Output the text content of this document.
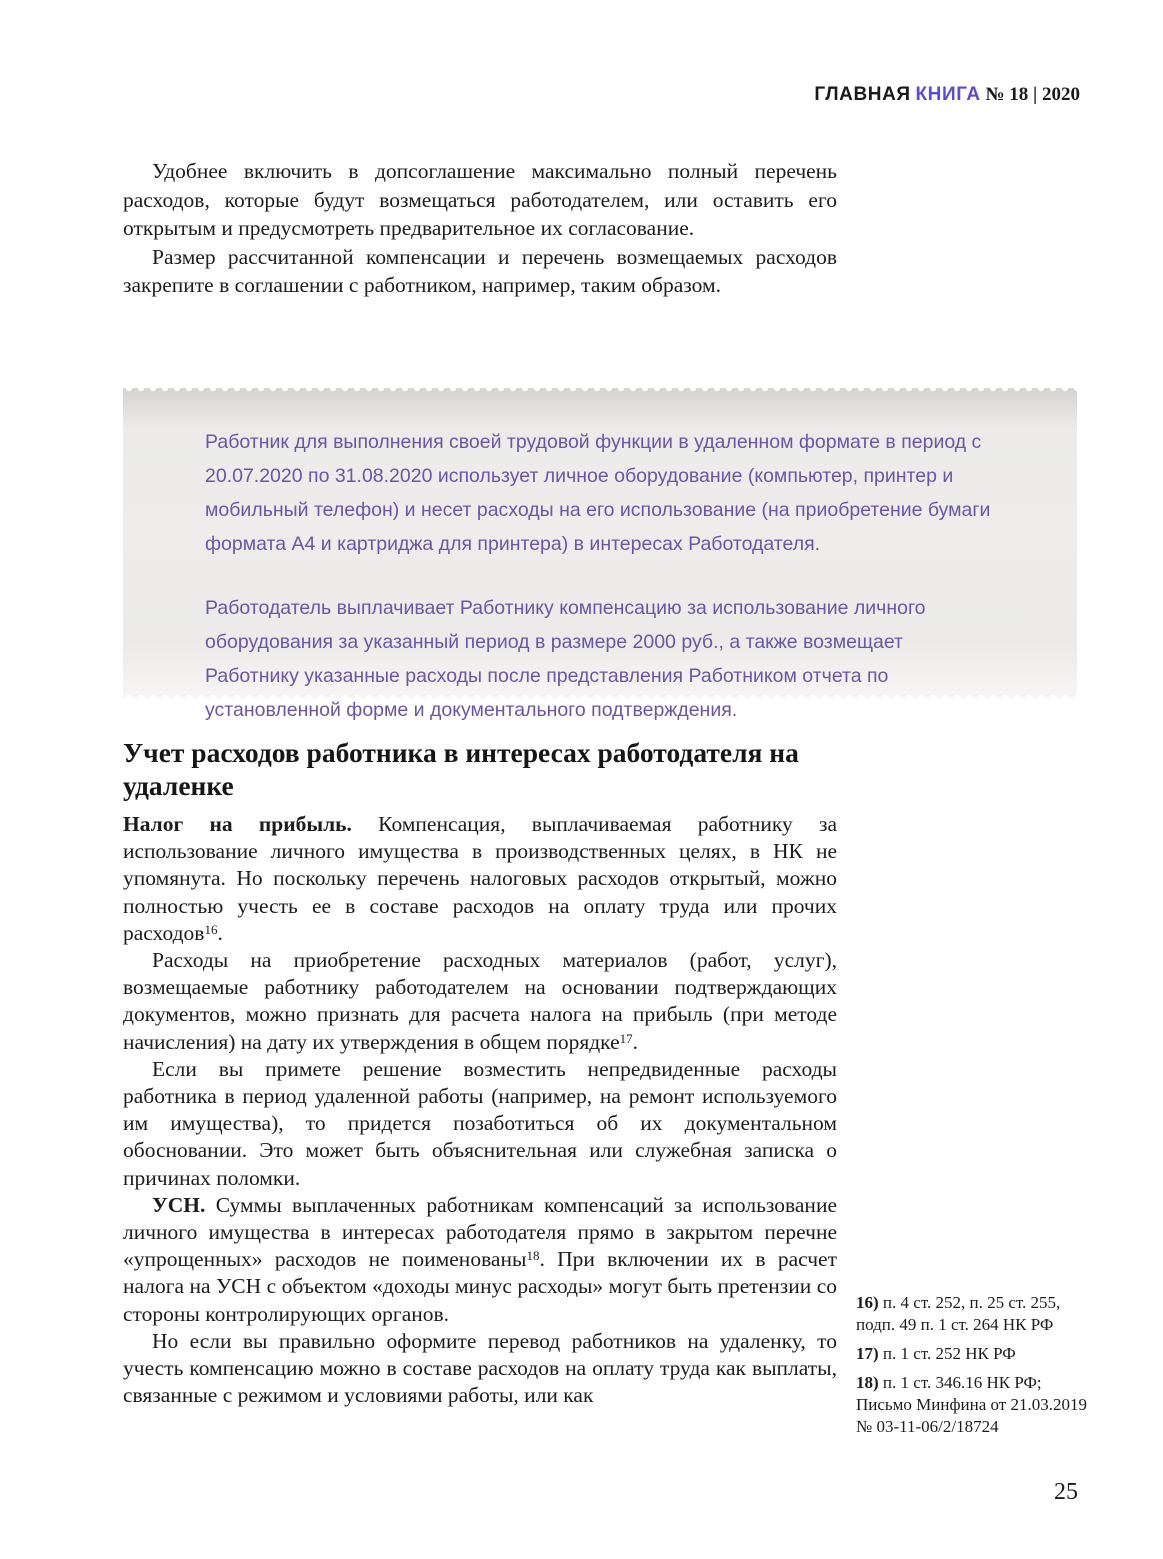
ГЛАВНАЯ КНИГА № 18 | 2020

Удобнее включить в допсоглашение максимально полный перечень расходов, которые будут возмещаться работодателем, или оставить его открытым и предусмотреть предварительное их согласование.

Размер рассчитанной компенсации и перечень возмещаемых расходов закрепите в соглашении с работником, например, таким образом.

Работник для выполнения своей трудовой функции в удаленном формате в период с 20.07.2020 по 31.08.2020 использует личное оборудование (компьютер, принтер и мобильный телефон) и несет расходы на его использование (на приобретение бумаги формата А4 и картриджа для принтера) в интересах Работодателя.

Работодатель выплачивает Работнику компенсацию за использование личного оборудования за указанный период в размере 2000 руб., а также возмещает Работнику указанные расходы после представления Работником отчета по установленной форме и документального подтверждения.

Учет расходов работника в интересах работодателя на удаленке

Налог на прибыль. Компенсация, выплачиваемая работнику за использование личного имущества в производственных целях, в НК не упомянута. Но поскольку перечень налоговых расходов открытый, можно полностью учесть ее в составе расходов на оплату труда или прочих расходов$^{16}$.

Расходы на приобретение расходных материалов (работ, услуг), возмещаемые работнику работодателем на основании подтверждающих документов, можно признать для расчета налога на прибыль (при методе начисления) на дату их утверждения в общем порядке$^{17}$.

Если вы примете решение возместить непредвиденные расходы работника в период удаленной работы (например, на ремонт используемого им имущества), то придется позаботиться об их документальном обосновании. Это может быть объяснительная или служебная записка о причинах поломки.

УСН. Суммы выплаченных работникам компенсаций за использование личного имущества в интересах работодателя прямо в закрытом перечне «упрощенных» расходов не поименованы$^{18}$. При включении их в расчет налога на УСН с объектом «доходы минус расходы» могут быть претензии со стороны контролирующих органов.

Но если вы правильно оформите перевод работников на удаленку, то учесть компенсацию можно в составе расходов на оплату труда как выплаты, связанные с режимом и условиями работы, или как

16) п. 4 ст. 252, п. 25 ст. 255, подп. 49 п. 1 ст. 264 НК РФ
17) п. 1 ст. 252 НК РФ
18) п. 1 ст. 346.16 НК РФ; Письмо Минфина от 21.03.2019 № 03-11-06/2/18724
25
